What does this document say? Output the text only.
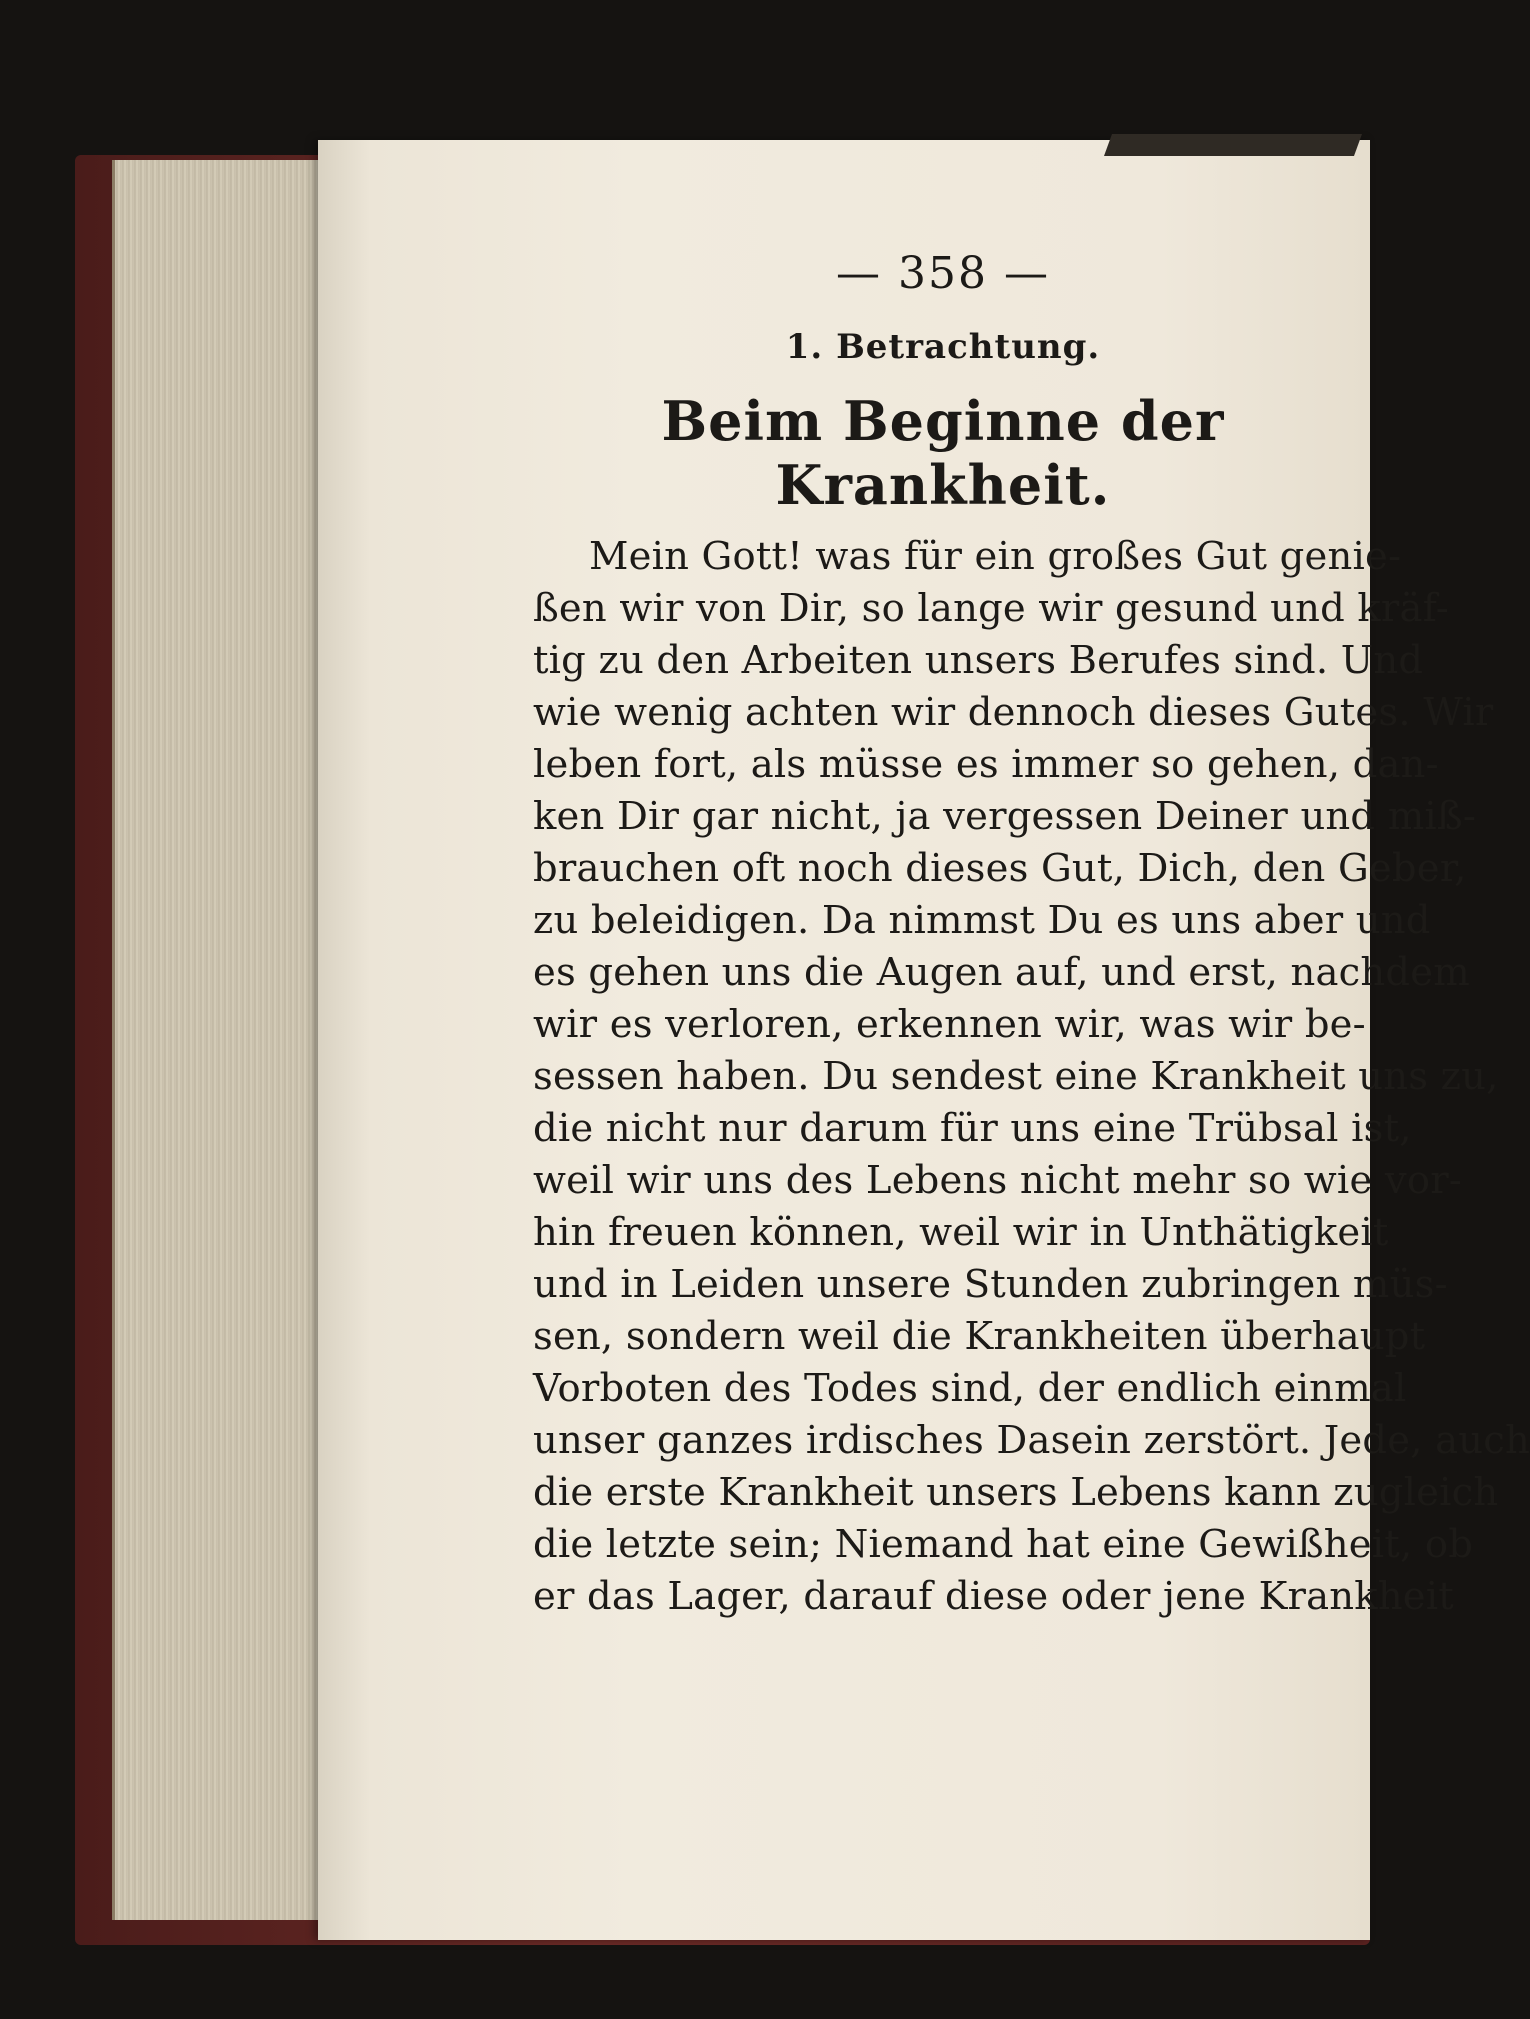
— 358 —
1. Betrachtung.
Beim Beginne der Krankheit.
Mein Gott! was für ein großes Gut genie-
ßen wir von Dir, so lange wir gesund und kräf-
tig zu den Arbeiten unsers Berufes sind. Und
wie wenig achten wir dennoch dieses Gutes. Wir
leben fort, als müsse es immer so gehen, dan-
ken Dir gar nicht, ja vergessen Deiner und miß-
brauchen oft noch dieses Gut, Dich, den Geber,
zu beleidigen. Da nimmst Du es uns aber und
es gehen uns die Augen auf, und erst, nachdem
wir es verloren, erkennen wir, was wir be-
sessen haben. Du sendest eine Krankheit uns zu,
die nicht nur darum für uns eine Trübsal ist,
weil wir uns des Lebens nicht mehr so wie vor-
hin freuen können, weil wir in Unthätigkeit
und in Leiden unsere Stunden zubringen müs-
sen, sondern weil die Krankheiten überhaupt
Vorboten des Todes sind, der endlich einmal
unser ganzes irdisches Dasein zerstört. Jede, auch
die erste Krankheit unsers Lebens kann zugleich
die letzte sein; Niemand hat eine Gewißheit, ob
er das Lager, darauf diese oder jene Krankheit
